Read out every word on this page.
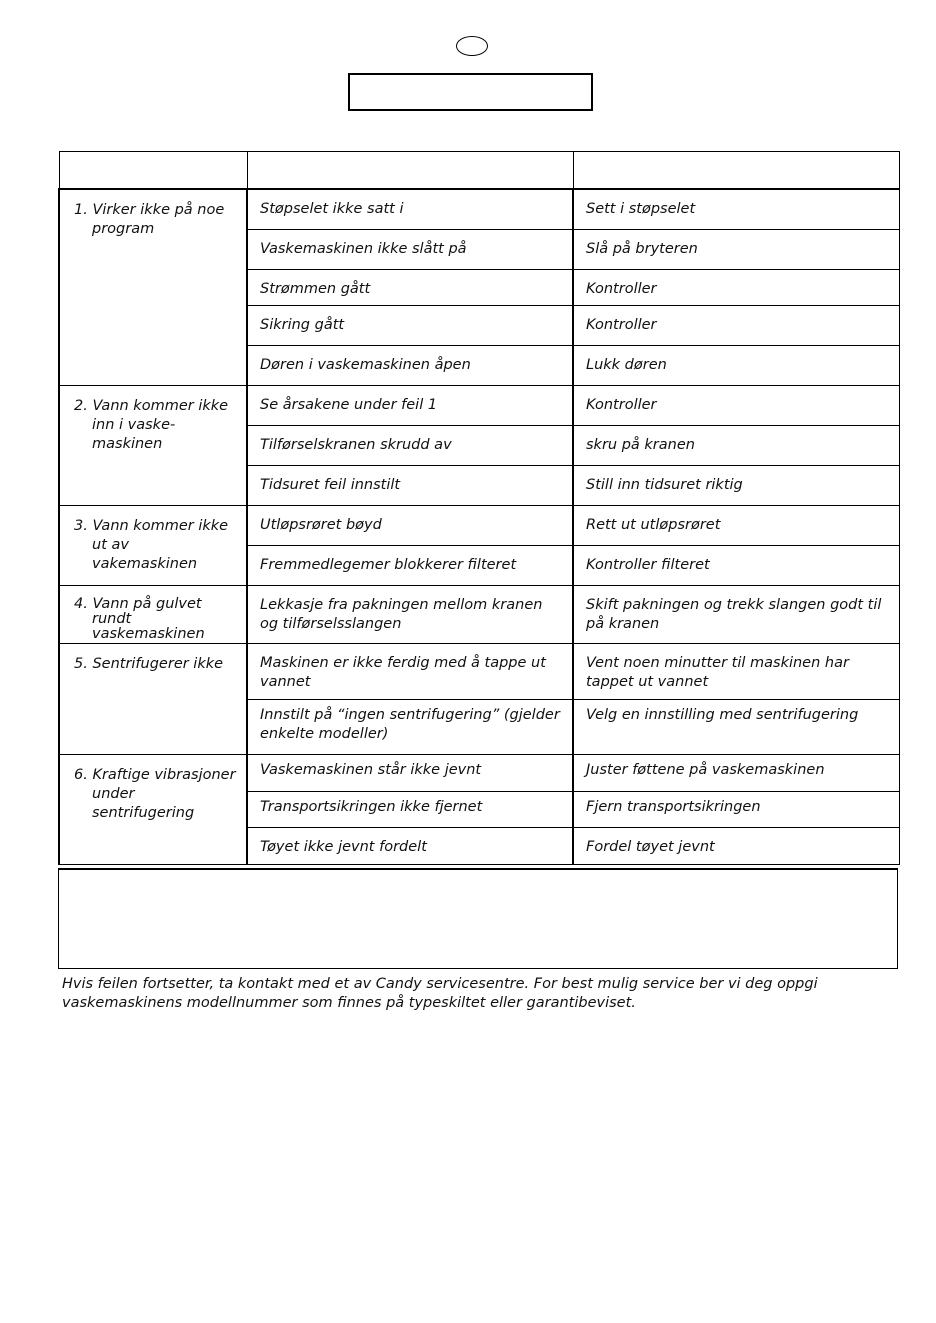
1. Virker ikke på noe
program	Støpselet ikke satt i	Sett i støpselet

	Vaskemaskinen ikke slått på	Slå på bryteren

	Strømmen gått	Kontroller

	Sikring gått	Kontroller

	Døren i vaskemaskinen åpen	Lukk døren

2. Vann kommer ikke
inn i vaske-
maskinen	Se årsakene under feil 1	Kontroller

	Tilførselskranen skrudd av	skru på kranen

	Tidsuret feil innstilt	Still inn tidsuret riktig

3. Vann kommer ikke
ut av
vakemaskinen	Utløpsrøret bøyd	Rett ut utløpsrøret

	Fremmedlegemer blokkerer filteret	Kontroller filteret

4. Vann på gulvet
rundt
vaskemaskinen	Lekkasje fra pakningen mellom kranen og tilførselsslangen	Skift pakningen og trekk slangen godt til på kranen

5. Sentrifugerer ikke	Maskinen er ikke ferdig med å tappe ut vannet	Vent noen minutter til maskinen har tappet ut vannet

	Innstilt på “ingen sentrifugering” (gjelder enkelte modeller)	Velg en innstilling med sentrifugering

6. Kraftige vibrasjoner
under
sentrifugering	Vaskemaskinen står ikke jevnt	Juster føttene på vaskemaskinen

	Transportsikringen ikke fjernet	Fjern transportsikringen

	Tøyet ikke jevnt fordelt	Fordel tøyet jevnt
Hvis feilen fortsetter, ta kontakt med et av Candy servicesentre. For best mulig service ber vi deg oppgi vaskemaskinens modellnummer som finnes på typeskiltet eller garantibeviset.
